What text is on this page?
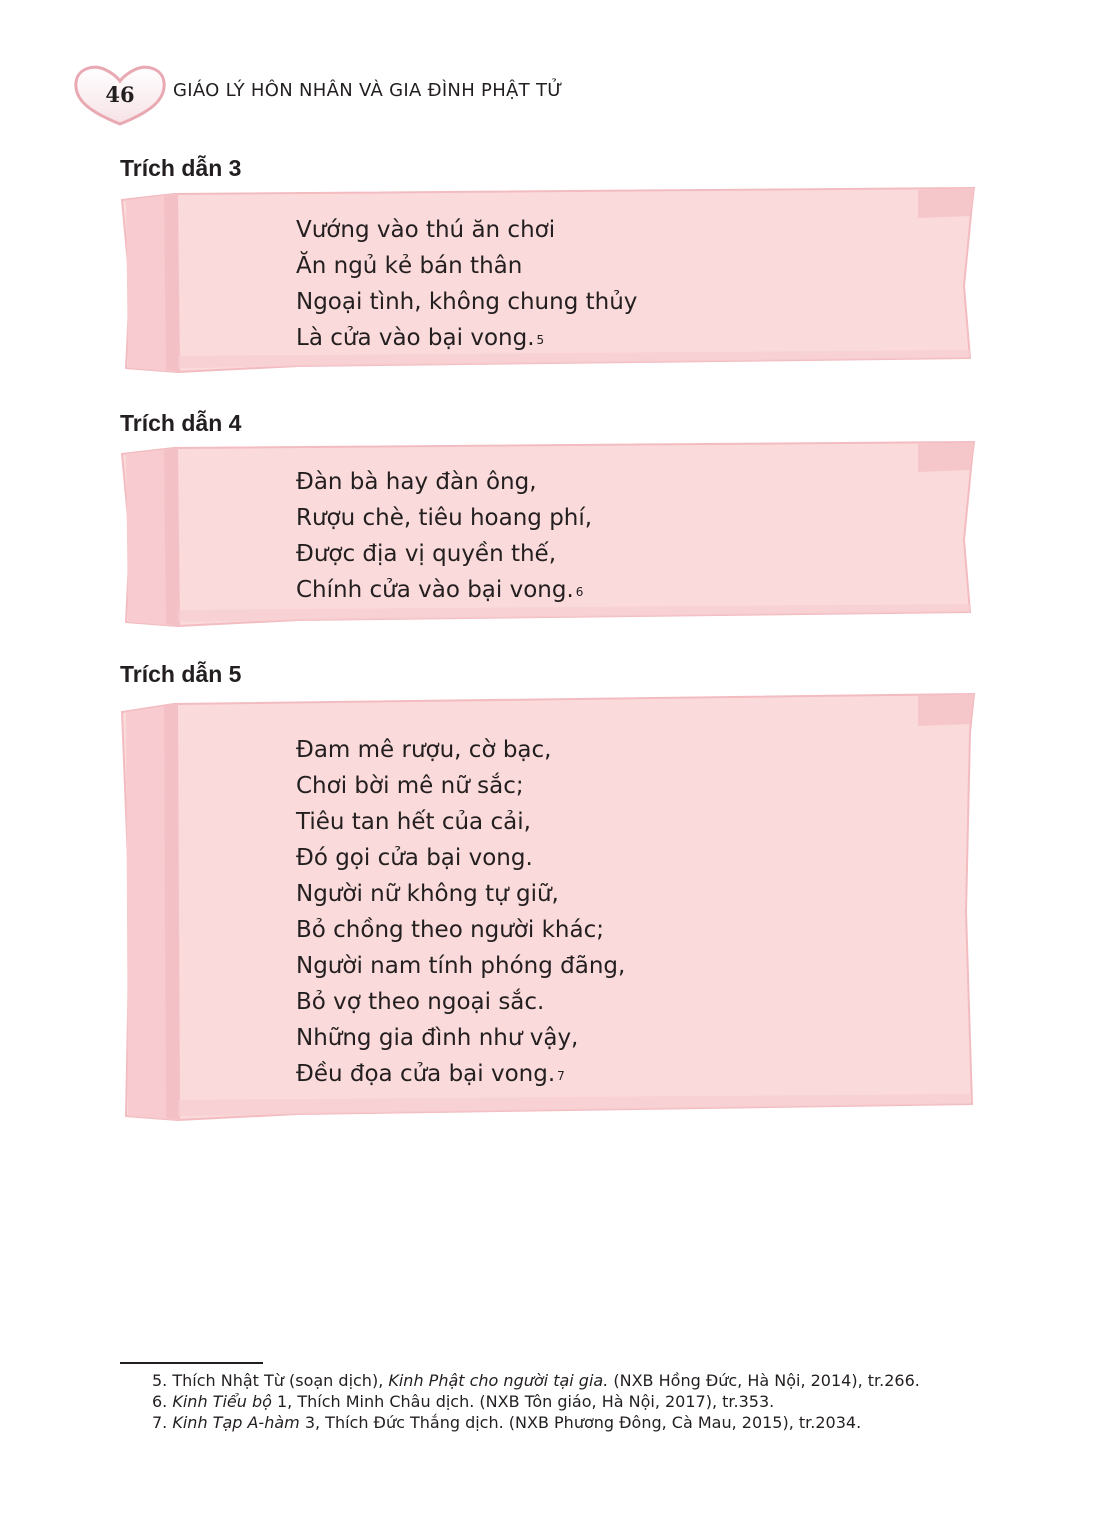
46	GIÁO LÝ HÔN NHÂN VÀ GIA ĐÌNH PHẬT TỬ
Trích dẫn 3
Vướng vào thú ăn chơi
Ăn ngủ kẻ bán thân
Ngoại tình, không chung thủy
Là cửa vào bại vong. $^5$
Trích dẫn 4
Đàn bà hay đàn ông,
Rượu chè, tiêu hoang phí,
Được địa vị quyền thế,
Chính cửa vào bại vong. $^6$
Trích dẫn 5
Đam mê rượu, cờ bạc,
Chơi bời mê nữ sắc;
Tiêu tan hết của cải,
Đó gọi cửa bại vong.
Người nữ không tự giữ,
Bỏ chồng theo người khác;
Người nam tính phóng đãng,
Bỏ vợ theo ngoại sắc.
Những gia đình như vậy,
Đều đọa cửa bại vong. $^7$
5. Thích Nhật Từ (soạn dịch), Kinh Phật cho người tại gia. (NXB Hồng Đức, Hà Nội, 2014), tr.266.
6. Kinh Tiểu bộ 1, Thích Minh Châu dịch. (NXB Tôn giáo, Hà Nội, 2017), tr.353.
7. Kinh Tạp A-hàm 3, Thích Đức Thắng dịch. (NXB Phương Đông, Cà Mau, 2015), tr.2034.
